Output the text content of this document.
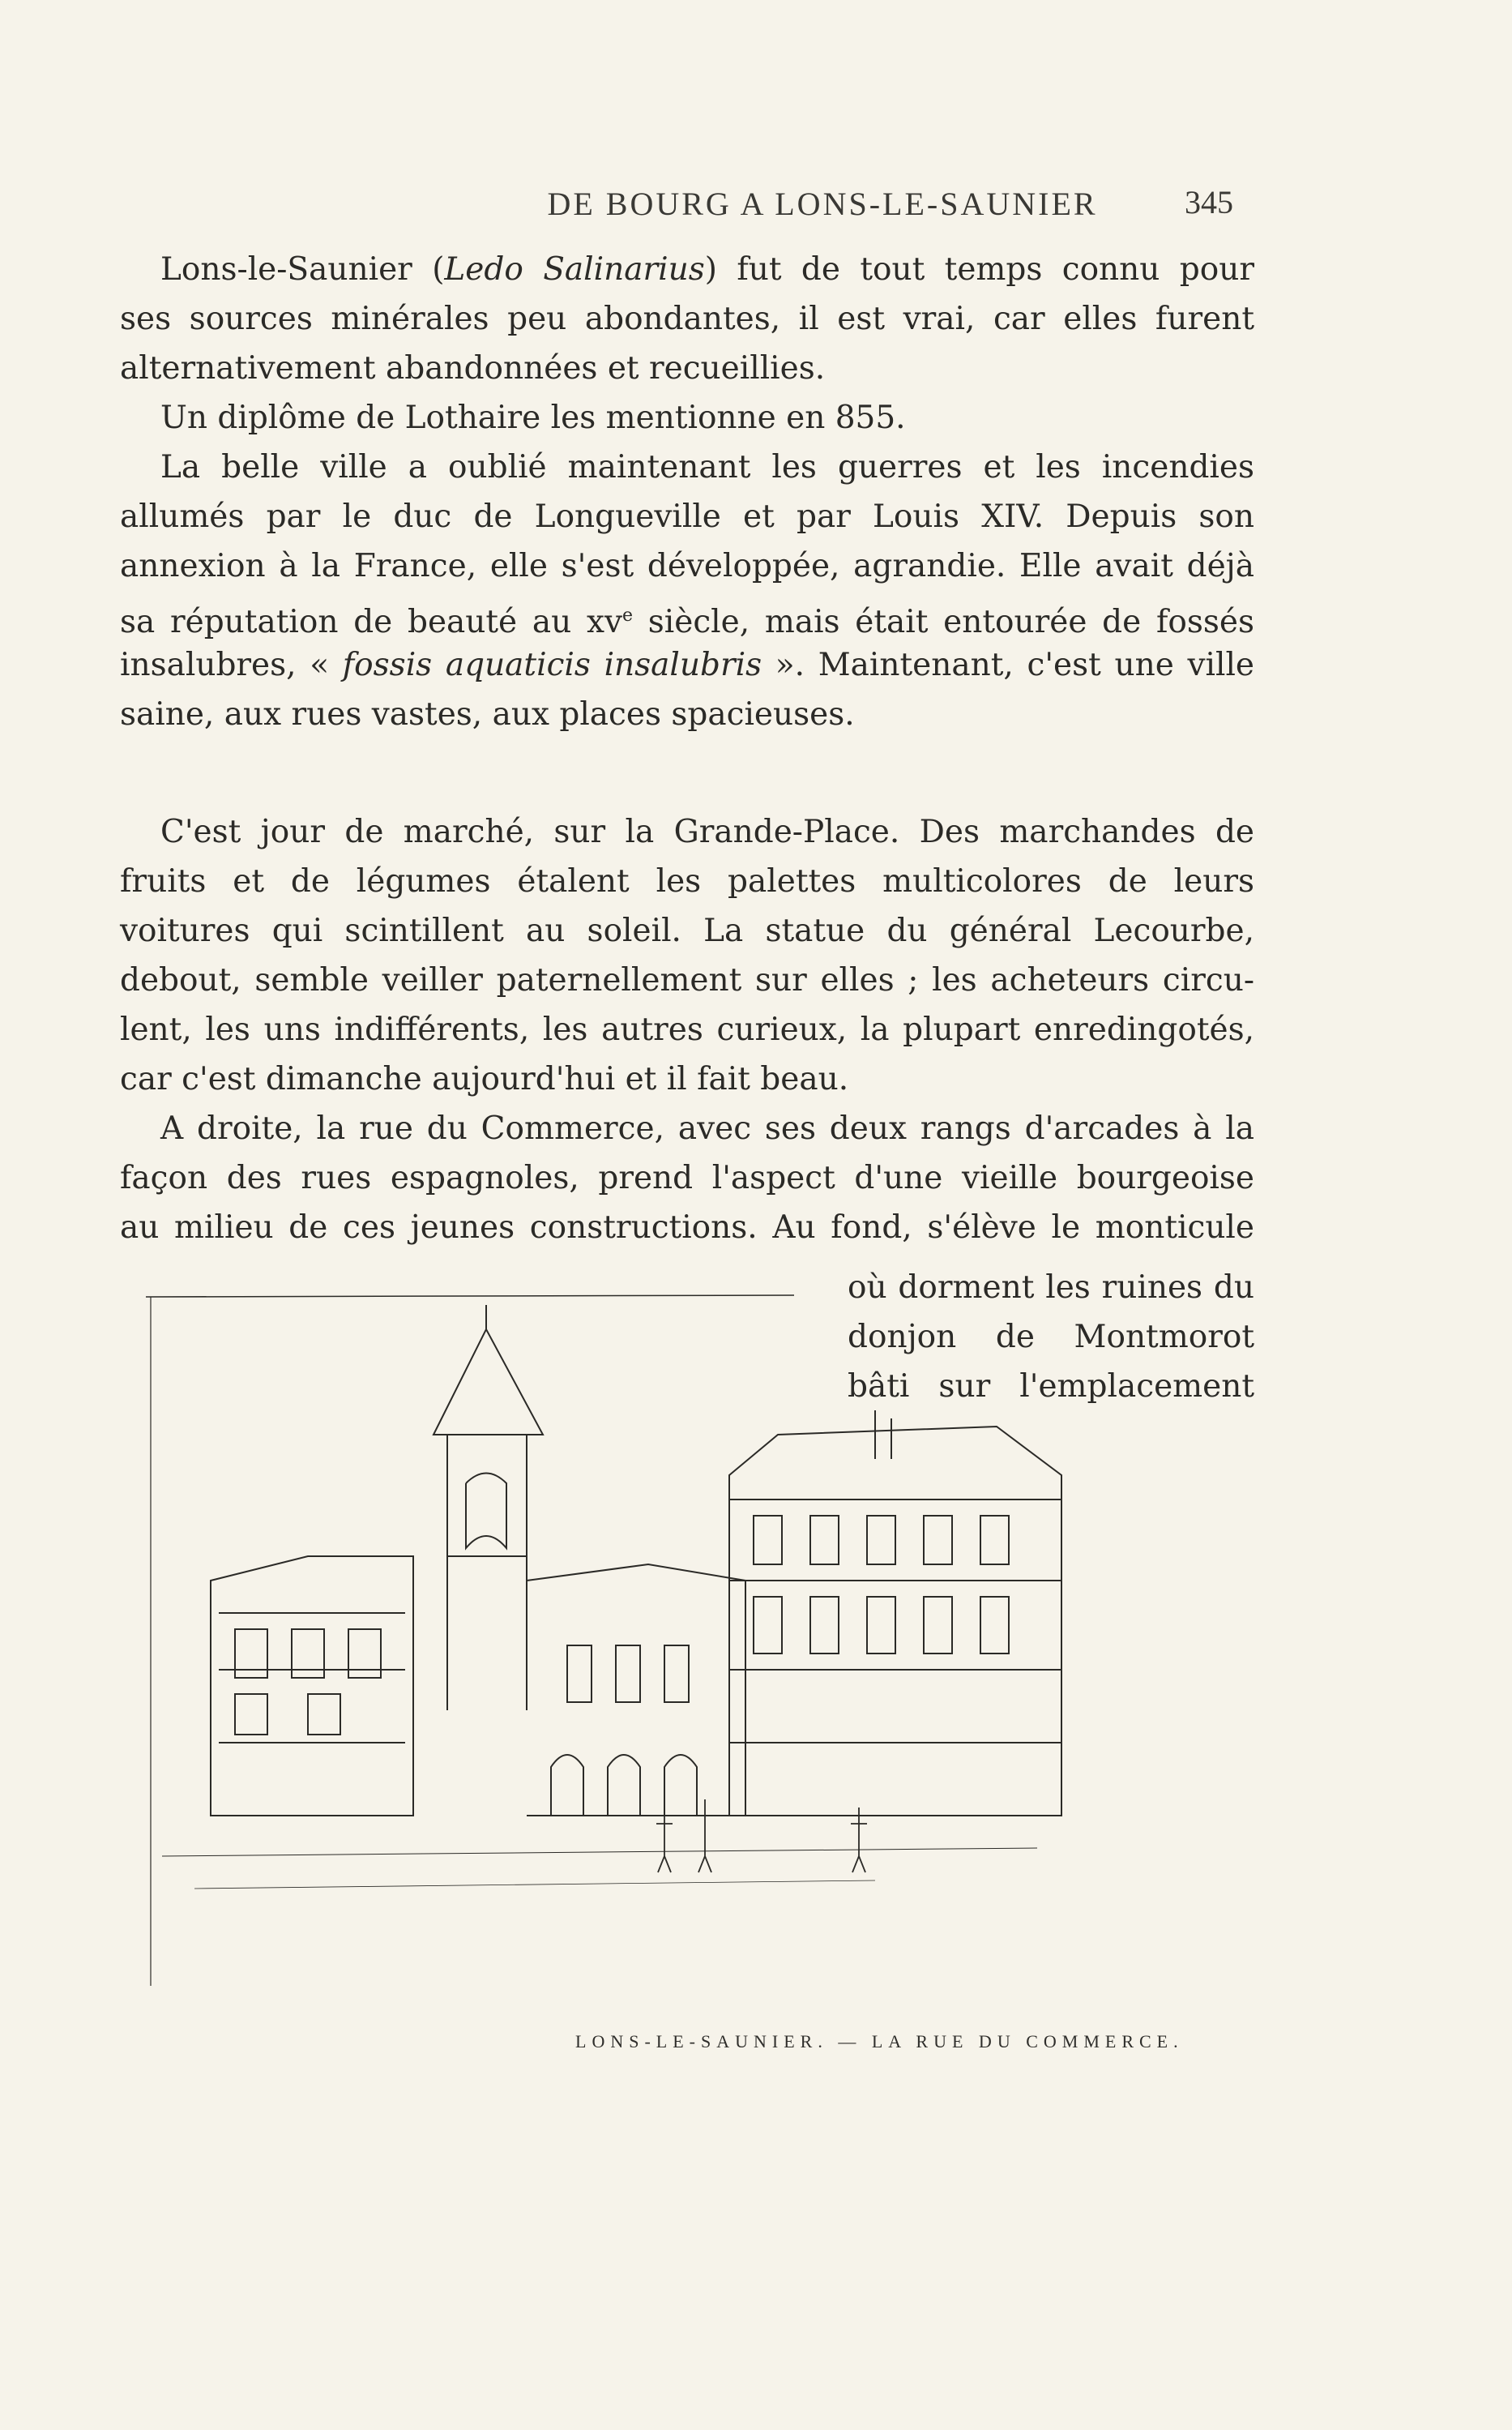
DE BOURG A LONS-LE-SAUNIER	345
Lons-le-Saunier (Ledo Salinarius) fut de tout temps connu pour
ses sources minérales peu abondantes, il est vrai, car elles furent
alternativement abandonnées et recueillies.
Un diplôme de Lothaire les mentionne en 855.
La belle ville a oublié maintenant les guerres et les incendies
allumés par le duc de Longueville et par Louis XIV. Depuis son
annexion à la France, elle s'est développée, agrandie. Elle avait déjà
sa réputation de beauté au $xv^e$ siècle, mais était entourée de fossés
insalubres, « fossis aquaticis insalubris ». Maintenant, c'est une ville
saine, aux rues vastes, aux places spacieuses.
C'est jour de marché, sur la Grande-Place. Des marchandes de
fruits et de légumes étalent les palettes multicolores de leurs
voitures qui scintillent au soleil. La statue du général Lecourbe,
debout, semble veiller paternellement sur elles ; les acheteurs circu-
lent, les uns indifférents, les autres curieux, la plupart enredingotés,
car c'est dimanche aujourd'hui et il fait beau.
A droite, la rue du Commerce, avec ses deux rangs d'arcades à la
façon des rues espagnoles, prend l'aspect d'une vieille bourgeoise
au milieu de ces jeunes constructions. Au fond, s'élève le monticule
où dorment les ruines du
donjon de Montmorot
bâti sur l'emplacement
LONS-LE-SAUNIER. — LA RUE DU COMMERCE.
